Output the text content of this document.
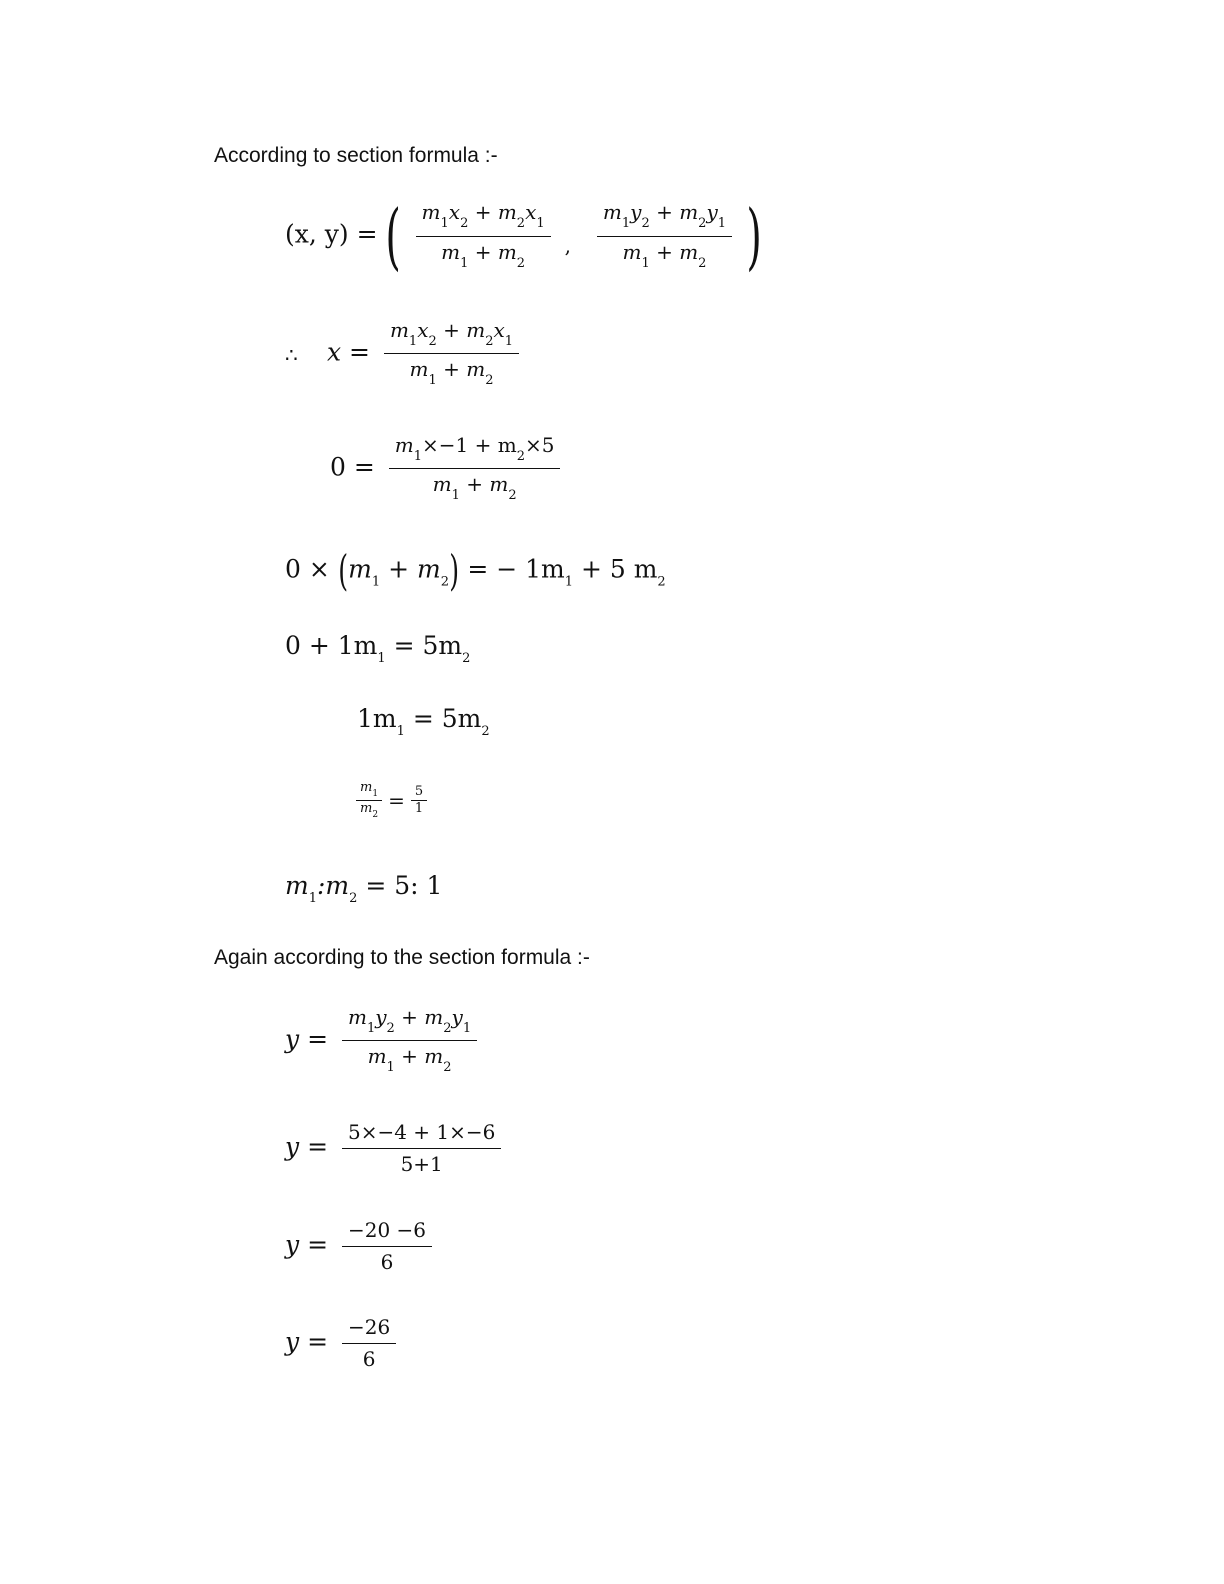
According to section formula :-
(x, y) = ( $\frac{m_1x_2 + m_2x_1}{m_1 + m_2} _, \frac{m_1y_2 + m_2y_1}{m_1 + m_2}$ )
∴ $x = \frac{m_1x_2 + m_2x_1}{m_1 + m_2}$
$0 = \frac{m_1\times-1 + m_2\times 5}{m_1 + m_2}$
$0 \times (m_1 + m_2)$ = − $1m_1 + 5$ $m_2$
$0 + 1m_1 = 5m_2$
$1m_1 = 5m_2$
$\frac{m_1}{m_2} = \frac{5}{1}$
$m_1:m_2 = 5$: 1
Again according to the section formula :-
$y = \frac{m_1y_2 + m_2y_1}{m_1 + m_2}$
$y = \frac{5\times-4 + 1\times-6}{5+1}$
$y = \frac{-20 -6}{6}$
$y = \frac{-26}{6}$
